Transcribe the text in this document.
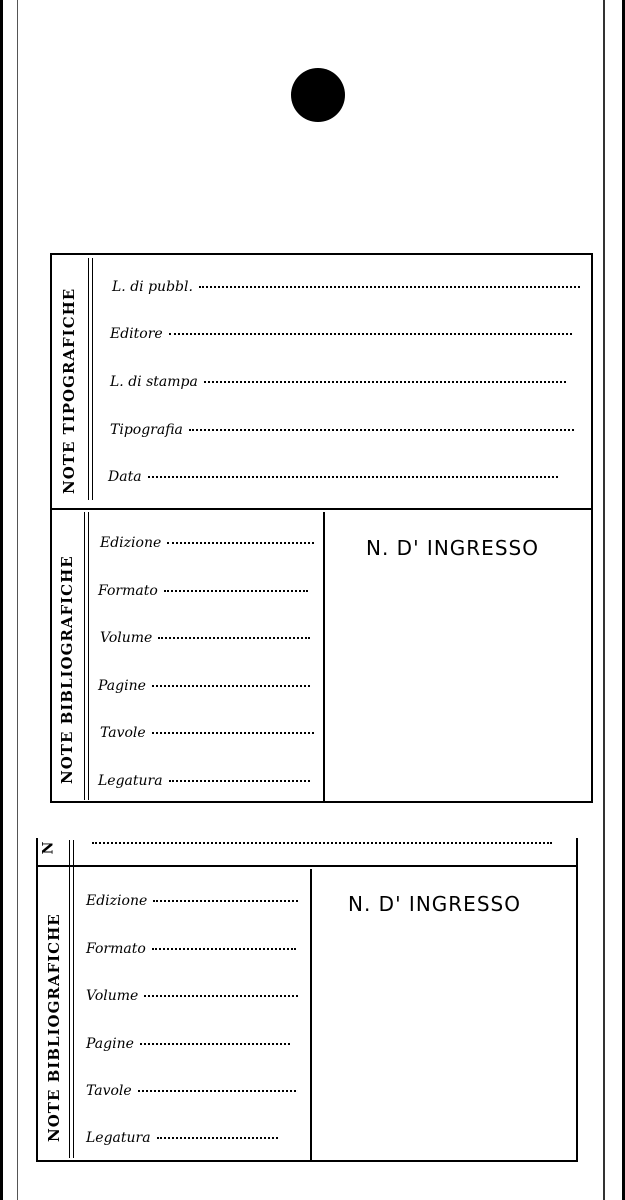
NOTE TIPOGRAFICHE
L. di pubbl.
Editore
L. di stampa
Tipografia
Data
NOTE BIBLIOGRAFICHE
Edizione
Formato
Volume
Pagine
Tavole
Legatura
N. D' INGRESSO
N
NOTE BIBLIOGRAFICHE
Edizione
Formato
Volume
Pagine
Tavole
Legatura
N. D' INGRESSO
